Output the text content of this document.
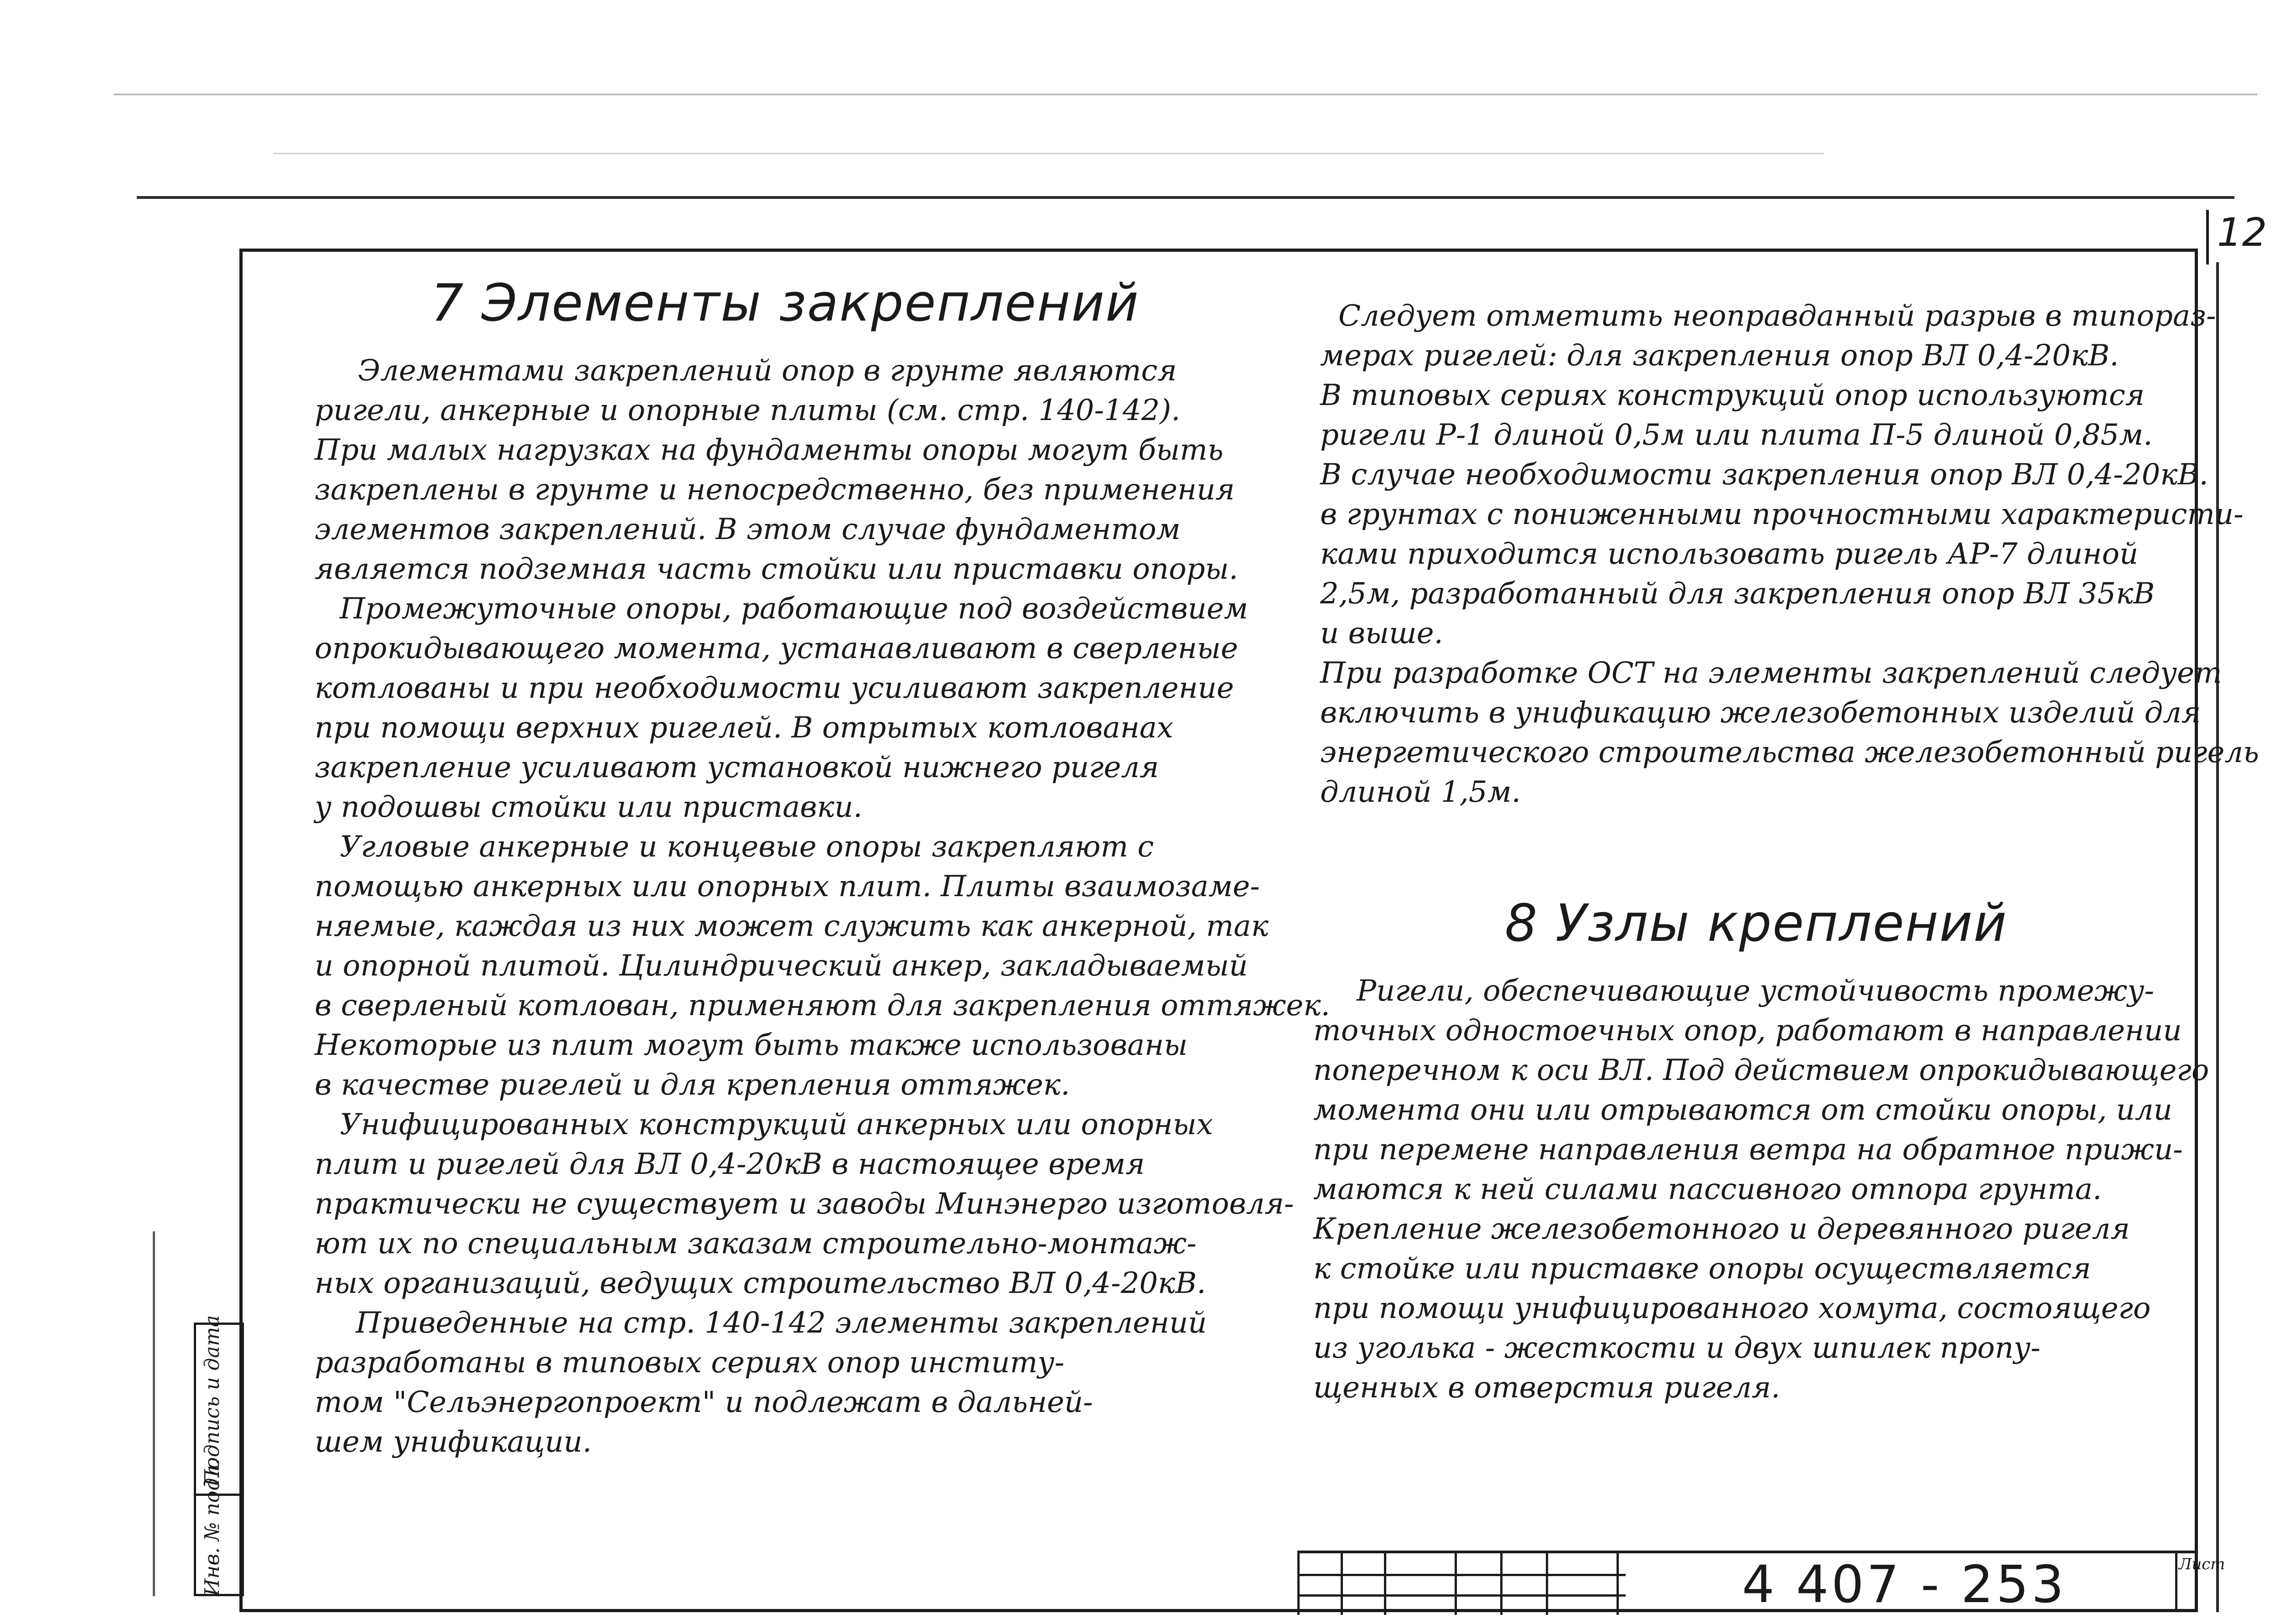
12
7 Элементы закреплений

Элементами закреплений опор в грунте являются

ригели, анкерные и опорные плиты (см. стр. 140-142).

При малых нагрузках на фундаменты опоры могут быть

закреплены в грунте и непосредственно, без применения

элементов закреплений. В этом случае фундаментом

является подземная часть стойки или приставки опоры.

Промежуточные опоры, работающие под воздействием

опрокидывающего момента, устанавливают в сверленые

котлованы и при необходимости усиливают закрепление

при помощи верхних ригелей. В отрытых котлованах

закрепление усиливают установкой нижнего ригеля

у подошвы стойки или приставки.

Угловые анкерные и концевые опоры закрепляют с

помощью анкерных или опорных плит. Плиты взаимозаме-

няемые, каждая из них может служить как анкерной, так

и опорной плитой. Цилиндрический анкер, закладываемый

в сверленый котлован, применяют для закрепления оттяжек.

Некоторые из плит могут быть также использованы

в качестве ригелей и для крепления оттяжек.

Унифицированных конструкций анкерных или опорных

плит и ригелей для ВЛ 0,4-20кВ в настоящее время

практически не существует и заводы Минэнерго изготовля-

ют их по специальным заказам строительно-монтаж-

ных организаций, ведущих строительство ВЛ 0,4-20кВ.

Приведенные на стр. 140-142 элементы закреплений

разработаны в типовых сериях опор институ-

том "Сельэнергопроект" и подлежат в дальней-

шем унификации.

Следует отметить неоправданный разрыв в типораз-

мерах ригелей: для закрепления опор ВЛ 0,4-20кВ.

В типовых сериях конструкций опор используются

ригели Р-1 длиной 0,5м или плита П-5 длиной 0,85м.

В случае необходимости закрепления опор ВЛ 0,4-20кВ.

в грунтах с пониженными прочностными характеристи-

ками приходится использовать ригель АР-7 длиной

2,5м, разработанный для закрепления опор ВЛ 35кВ

и выше.

При разработке ОСТ на элементы закреплений следует

включить в унификацию железобетонных изделий для

энергетического строительства железобетонный ригель

длиной 1,5м.

8 Узлы креплений

Ригели, обеспечивающие устойчивость промежу-

точных одностоечных опор, работают в направлении

поперечном к оси ВЛ. Под действием опрокидывающего

момента они или отрываются от стойки опоры, или

при перемене направления ветра на обратное прижи-

маются к ней силами пассивного отпора грунта.

Крепление железобетонного и деревянного ригеля

к стойке или приставке опоры осуществляется

при помощи унифицированного хомута, состоящего

из уголька - жесткости и двух шпилек пропу-

щенных в отверстия ригеля.

4 407 - 253	Лист
Подпись и дата
Инв. № подл.
